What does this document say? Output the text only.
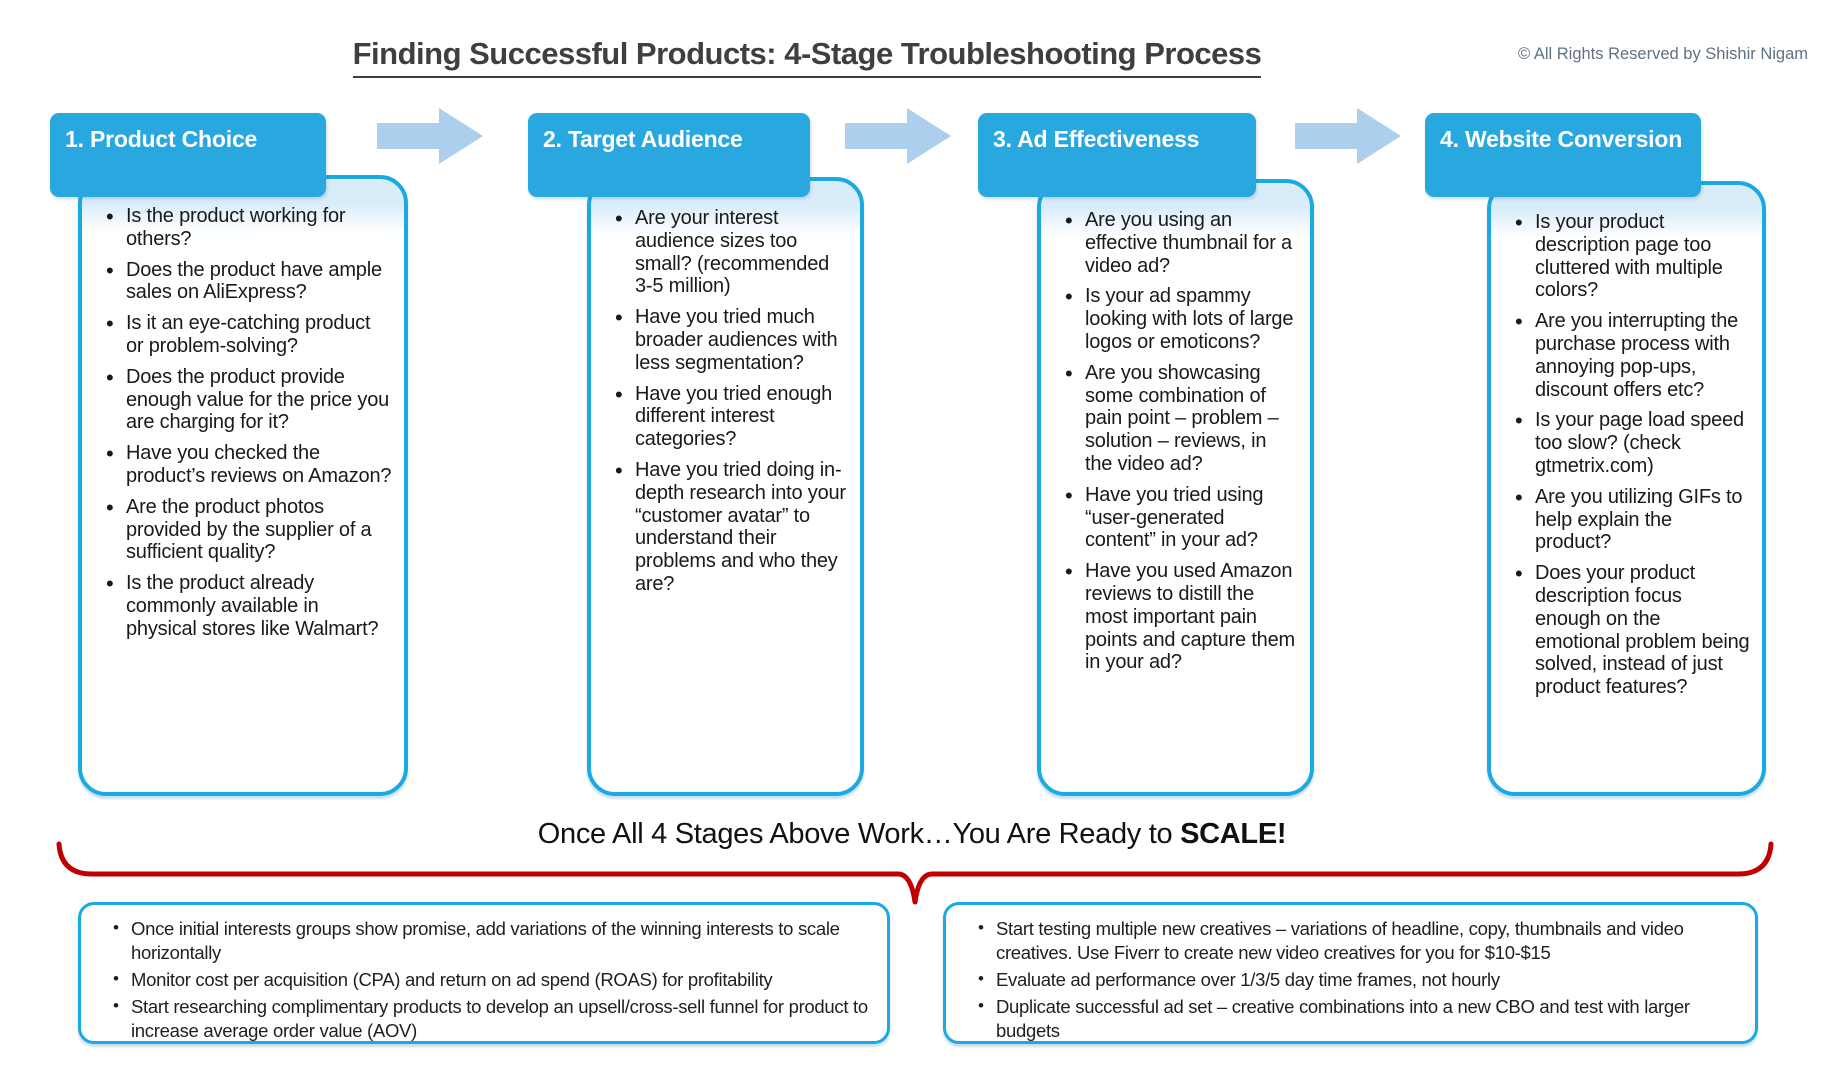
Finding Successful Products: 4-Stage Troubleshooting Process	© All Rights Reserved by Shishir Nigam
1. Product Choice
• Is the product working for others?
• Does the product have ample sales on AliExpress?
• Is it an eye-catching product or problem-solving?
• Does the product provide enough value for the price you are charging for it?
• Have you checked the product’s reviews on Amazon?
• Are the product photos provided by the supplier of a sufficient quality?
• Is the product already commonly available in physical stores like Walmart?
2. Target Audience
• Are your interest audience sizes too small? (recommended 3-5 million)
• Have you tried much broader audiences with less segmentation?
• Have you tried enough different interest categories?
• Have you tried doing in-depth research into your “customer avatar” to understand their problems and who they are?
3. Ad Effectiveness
• Are you using an effective thumbnail for a video ad?
• Is your ad spammy looking with lots of large logos or emoticons?
• Are you showcasing some combination of pain point – problem – solution – reviews, in the video ad?
• Have you tried using “user-generated content” in your ad?
• Have you used Amazon reviews to distill the most important pain points and capture them in your ad?
4. Website Conversion
• Is your product description page too cluttered with multiple colors?
• Are you interrupting the purchase process with annoying pop-ups, discount offers etc?
• Is your page load speed too slow? (check gtmetrix.com)
• Are you utilizing GIFs to help explain the product?
• Does your product description focus enough on the emotional problem being solved, instead of just product features?
Once All 4 Stages Above Work…You Are Ready to SCALE!
• Once initial interests groups show promise, add variations of the winning interests to scale horizontally
• Monitor cost per acquisition (CPA) and return on ad spend (ROAS) for profitability
• Start researching complimentary products to develop an upsell/cross-sell funnel for product to increase average order value (AOV)
• Start testing multiple new creatives – variations of headline, copy, thumbnails and video creatives. Use Fiverr to create new video creatives for you for $10-$15
• Evaluate ad performance over 1/3/5 day time frames, not hourly
• Duplicate successful ad set – creative combinations into a new CBO and test with larger budgets
